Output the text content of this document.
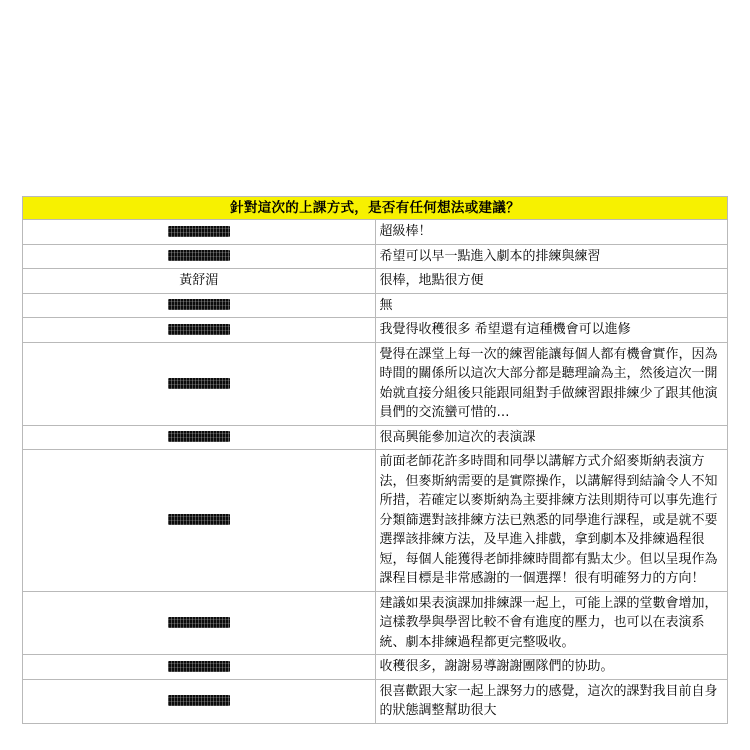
針對這次的上課方式，是否有任何想法或建議？	
	超級棒！
	希望可以早一點進入劇本的排練與練習
黃舒湄	很棒，地點很方便
	無
	我覺得收穫很多 希望還有這種機會可以進修
	覺得在課堂上每一次的練習能讓每個人都有機會實作，因為時間的關係所以這次大部分都是聽理論為主，然後這次一開始就直接分組後只能跟同組對手做練習跟排練少了跟其他演員們的交流蠻可惜的…
	很高興能參加這次的表演課
	前面老師花許多時間和同學以講解方式介紹麥斯納表演方法，但麥斯納需要的是實際操作，以講解得到結論令人不知所措，若確定以麥斯納為主要排練方法則期待可以事先進行分類篩選對該排練方法已熟悉的同學進行課程，或是就不要選擇該排練方法，及早進入排戲，拿到劇本及排練過程很短，每個人能獲得老師排練時間都有點太少。但以呈現作為課程目標是非常感謝的一個選擇！很有明確努力的方向！
	建議如果表演課加排練課一起上，可能上課的堂數會增加，這樣教學與學習比較不會有進度的壓力，也可以在表演系統、劇本排練過程都更完整吸收。
	收穫很多，謝謝易導謝謝團隊們的协助。
	很喜歡跟大家一起上課努力的感覺，這次的課對我目前自身的狀態調整幫助很大
